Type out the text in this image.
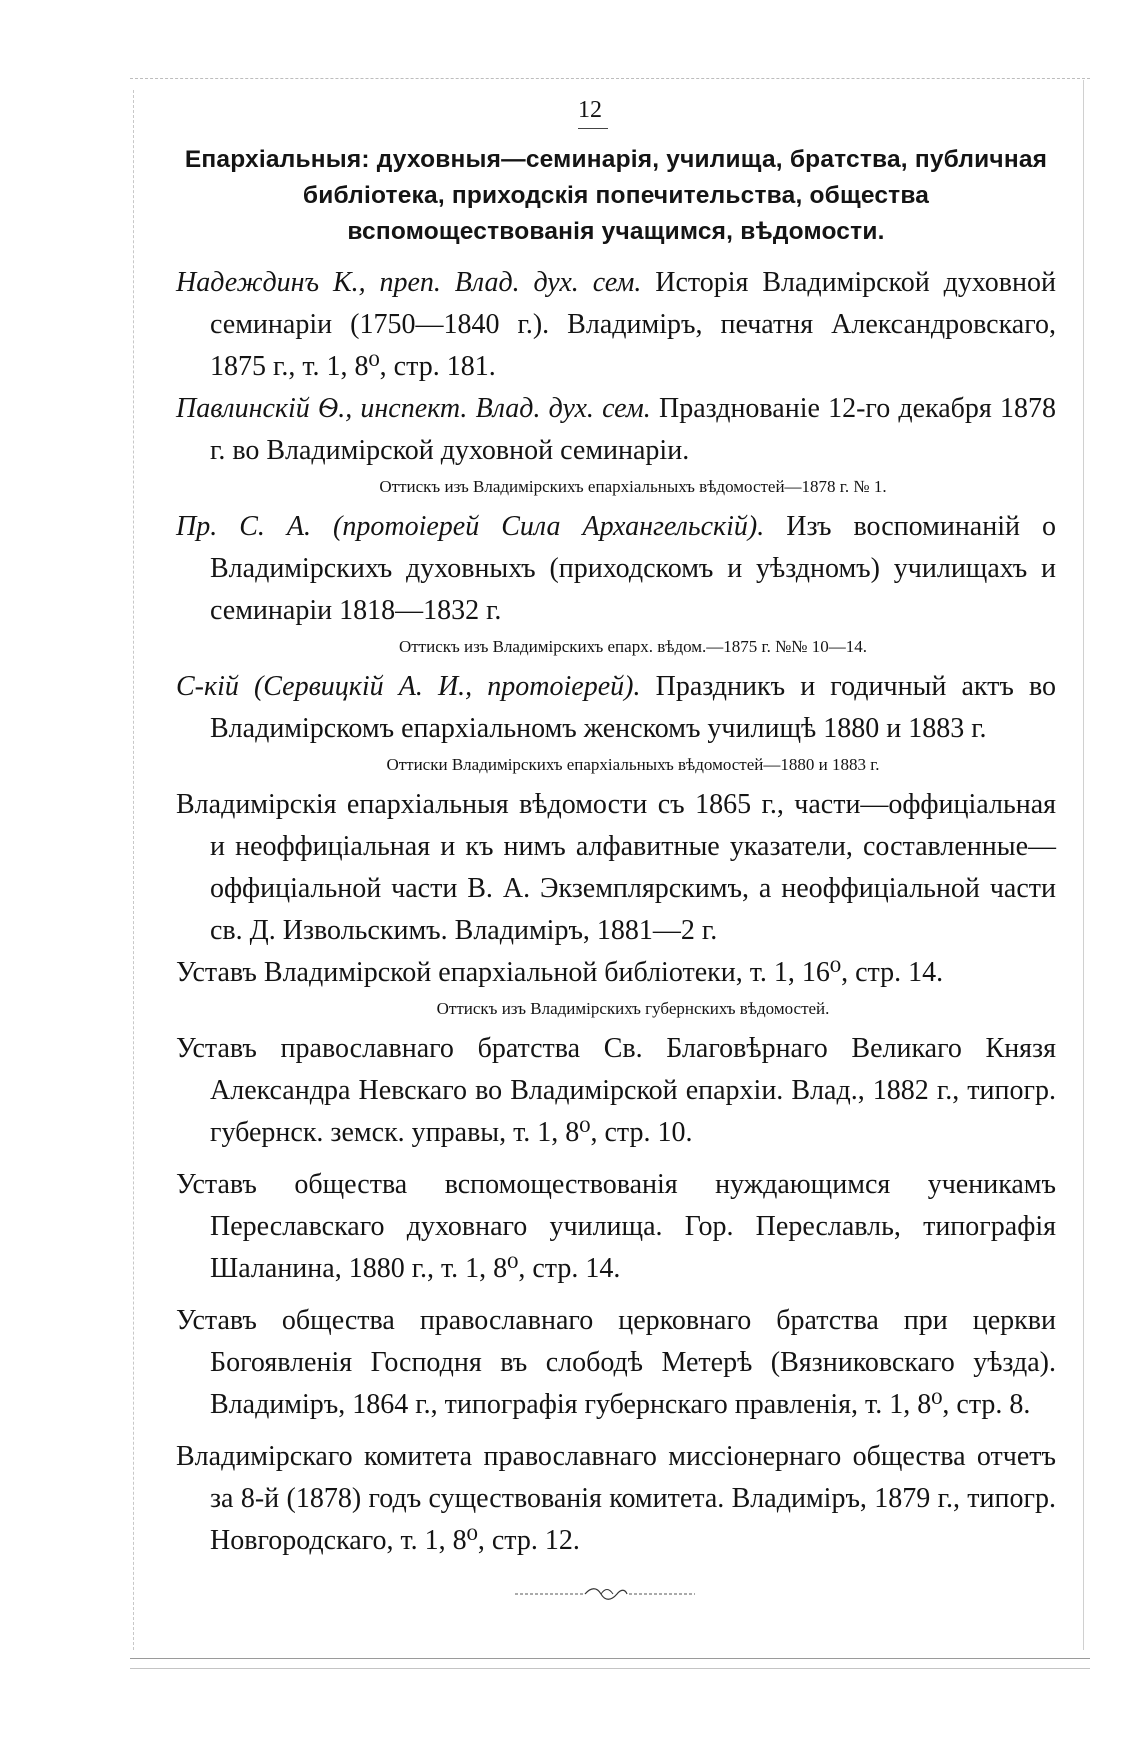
12
Епархіальныя: духовныя—семинарія, училища, братства, публичная библіотека, приходскія попечительства, общества вспомоществованія учащимся, вѣдомости.

Надеждинъ К., преп. Влад. дух. сем. Исторія Владимірской духовной семинаріи (1750—1840 г.). Владиміръ, печатня Александровскаго, 1875 г., т. 1, 8⁰, стр. 181.

Павлинскій Ѳ., инспект. Влад. дух. сем. Празднованіе 12-го декабря 1878 г. во Владимірской духовной семинаріи.

Оттискъ изъ Владимірскихъ епархіальныхъ вѣдомостей—1878 г. № 1.

Пр. С. А. (протоіерей Сила Архангельскій). Изъ воспоминаній о Владимірскихъ духовныхъ (приходскомъ и уѣздномъ) училищахъ и семинаріи 1818—1832 г.

Оттискъ изъ Владимірскихъ епарх. вѣдом.—1875 г. №№ 10—14.

С-кій (Сервицкій А. И., протоіерей). Праздникъ и годичный актъ во Владимірскомъ епархіальномъ женскомъ училищѣ 1880 и 1883 г.

Оттиски Владимірскихъ епархіальныхъ вѣдомостей—1880 и 1883 г.

Владимірскія епархіальныя вѣдомости съ 1865 г., части—оффиціальная и неоффиціальная и къ нимъ алфавитные указатели, составленные—оффиціальной части В. А. Экземплярскимъ, а неоффиціальной части св. Д. Извольскимъ. Владиміръ, 1881—2 г.

Уставъ Владимірской епархіальной библіотеки, т. 1, 16⁰, стр. 14.

Оттискъ изъ Владимірскихъ губернскихъ вѣдомостей.

Уставъ православнаго братства Св. Благовѣрнаго Великаго Князя Александра Невскаго во Владимірской епархіи. Влад., 1882 г., типогр. губернск. земск. управы, т. 1, 8⁰, стр. 10.

Уставъ общества вспомоществованія нуждающимся ученикамъ Переславскаго духовнаго училища. Гор. Переславль, типографія Шаланина, 1880 г., т. 1, 8⁰, стр. 14.

Уставъ общества православнаго церковнаго братства при церкви Богоявленія Господня въ слободѣ Метерѣ (Вязниковскаго уѣзда). Владиміръ, 1864 г., типографія губернскаго правленія, т. 1, 8⁰, стр. 8.

Владимірскаго комитета православнаго миссіонернаго общества отчетъ за 8-й (1878) годъ существованія комитета. Владиміръ, 1879 г., типогр. Новгородскаго, т. 1, 8⁰, стр. 12.
